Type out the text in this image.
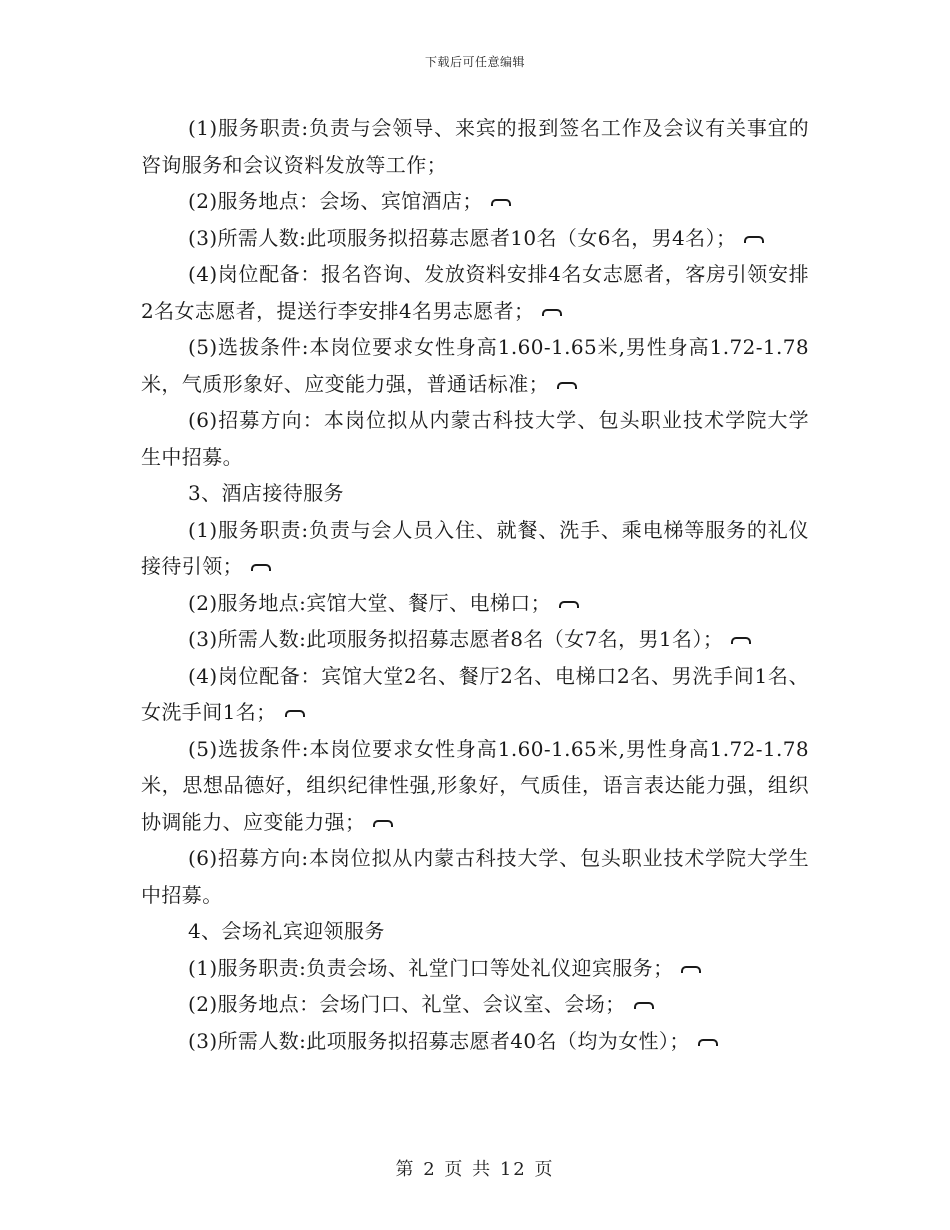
下载后可任意编辑

(1)服务职责:负责与会领导、来宾的报到签名工作及会议有关事宜的咨询服务和会议资料发放等工作；

(2)服务地点：会场、宾馆酒店；

(3)所需人数:此项服务拟招募志愿者10名（女6名，男4名）；

(4)岗位配备：报名咨询、发放资料安排4名女志愿者，客房引领安排2名女志愿者，提送行李安排4名男志愿者；

(5)选拔条件:本岗位要求女性身高1.60-1.65米,男性身高1.72-1.78米，气质形象好、应变能力强，普通话标准；

(6)招募方向：本岗位拟从内蒙古科技大学、包头职业技术学院大学生中招募。

3、酒店接待服务

(1)服务职责:负责与会人员入住、就餐、洗手、乘电梯等服务的礼仪接待引领；

(2)服务地点:宾馆大堂、餐厅、电梯口；

(3)所需人数:此项服务拟招募志愿者8名（女7名，男1名）；

(4)岗位配备：宾馆大堂2名、餐厅2名、电梯口2名、男洗手间1名、女洗手间1名；

(5)选拔条件:本岗位要求女性身高1.60-1.65米,男性身高1.72-1.78米，思想品德好，组织纪律性强,形象好，气质佳，语言表达能力强，组织协调能力、应变能力强；

(6)招募方向:本岗位拟从内蒙古科技大学、包头职业技术学院大学生中招募。

4、会场礼宾迎领服务

(1)服务职责:负责会场、礼堂门口等处礼仪迎宾服务；

(2)服务地点：会场门口、礼堂、会议室、会场；

(3)所需人数:此项服务拟招募志愿者40名（均为女性）；

第 2 页 共 12 页
